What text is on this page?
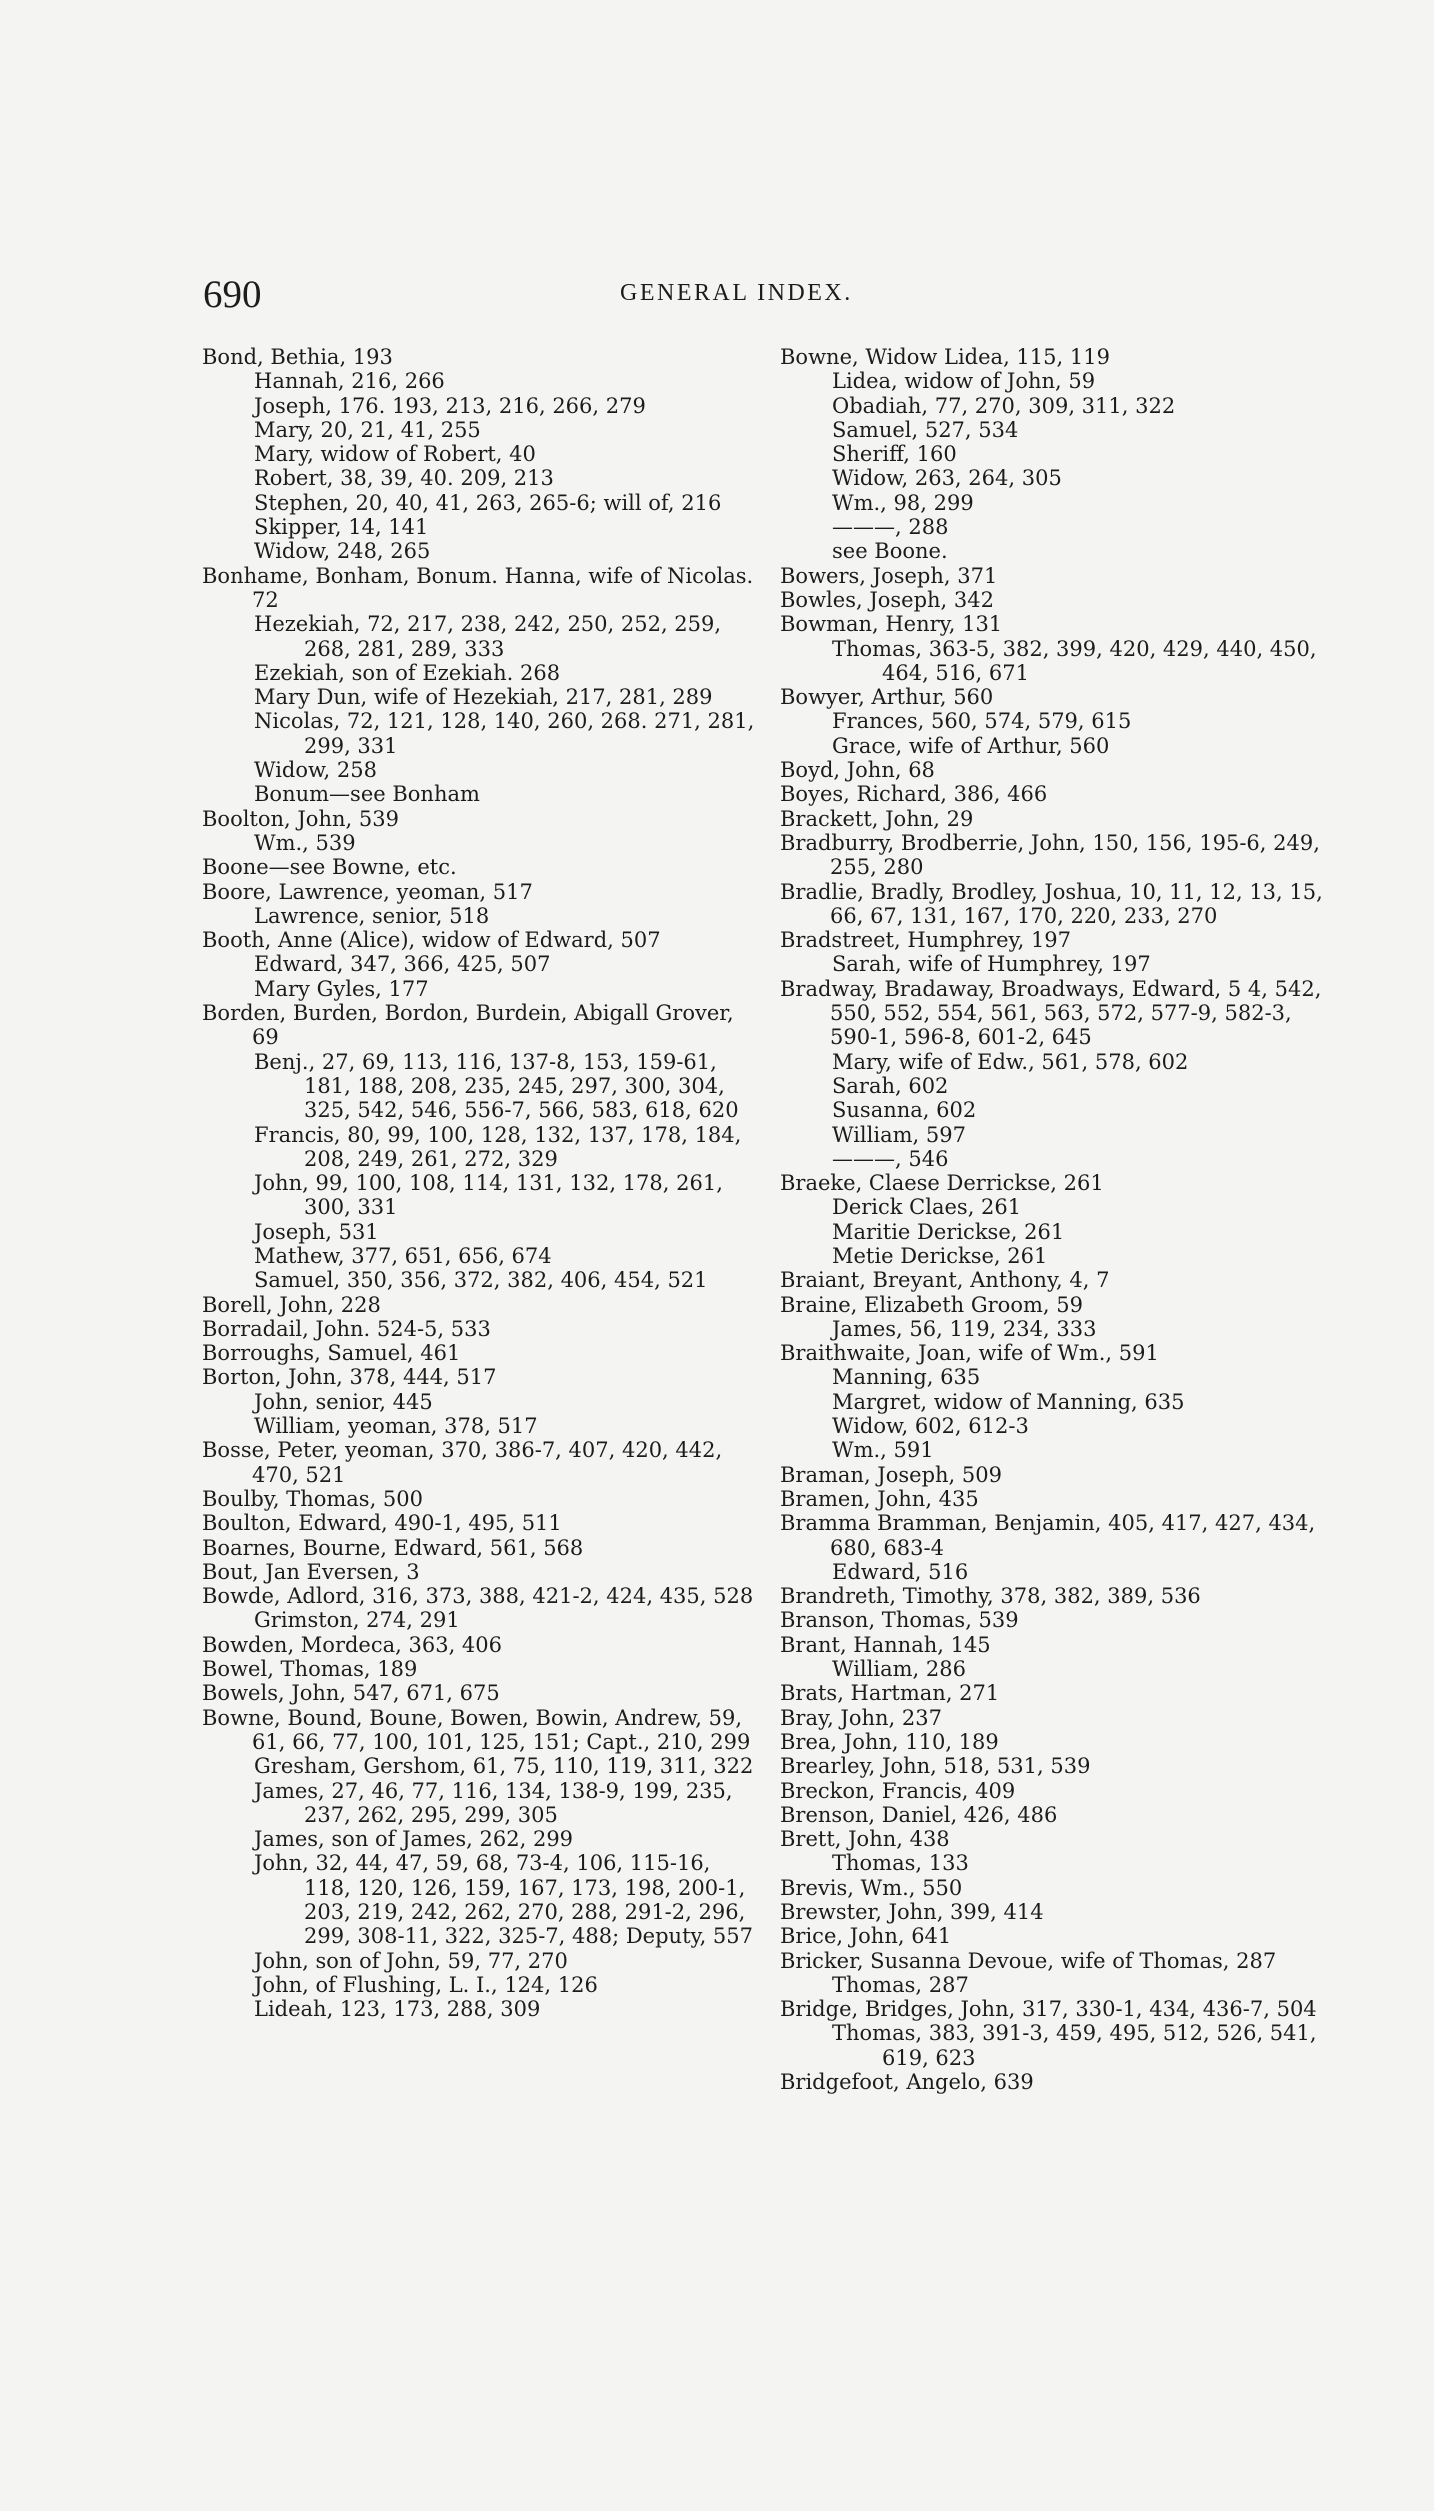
690	GENERAL INDEX.
Bond, Bethia, 193
Hannah, 216, 266
Joseph, 176. 193, 213, 216, 266, 279
Mary, 20, 21, 41, 255
Mary, widow of Robert, 40
Robert, 38, 39, 40. 209, 213
Stephen, 20, 40, 41, 263, 265-6; will of, 216
Skipper, 14, 141
Widow, 248, 265
Bonhame, Bonham, Bonum. Hanna, wife of Nicolas. 72
Hezekiah, 72, 217, 238, 242, 250, 252, 259, 268, 281, 289, 333
Ezekiah, son of Ezekiah. 268
Mary Dun, wife of Hezekiah, 217, 281, 289
Nicolas, 72, 121, 128, 140, 260, 268. 271, 281, 299, 331
Widow, 258
Bonum—see Bonham
Boolton, John, 539
Wm., 539
Boone—see Bowne, etc.
Boore, Lawrence, yeoman, 517
Lawrence, senior, 518
Booth, Anne (Alice), widow of Edward, 507
Edward, 347, 366, 425, 507
Mary Gyles, 177
Borden, Burden, Bordon, Burdein, Abigall Grover, 69
Benj., 27, 69, 113, 116, 137-8, 153, 159-61, 181, 188, 208, 235, 245, 297, 300, 304, 325, 542, 546, 556-7, 566, 583, 618, 620
Francis, 80, 99, 100, 128, 132, 137, 178, 184, 208, 249, 261, 272, 329
John, 99, 100, 108, 114, 131, 132, 178, 261, 300, 331
Joseph, 531
Mathew, 377, 651, 656, 674
Samuel, 350, 356, 372, 382, 406, 454, 521
Borell, John, 228
Borradail, John. 524-5, 533
Borroughs, Samuel, 461
Borton, John, 378, 444, 517
John, senior, 445
William, yeoman, 378, 517
Bosse, Peter, yeoman, 370, 386-7, 407, 420, 442, 470, 521
Boulby, Thomas, 500
Boulton, Edward, 490-1, 495, 511
Boarnes, Bourne, Edward, 561, 568
Bout, Jan Eversen, 3
Bowde, Adlord, 316, 373, 388, 421-2, 424, 435, 528
Grimston, 274, 291
Bowden, Mordeca, 363, 406
Bowel, Thomas, 189
Bowels, John, 547, 671, 675
Bowne, Bound, Boune, Bowen, Bowin, Andrew, 59, 61, 66, 77, 100, 101, 125, 151; Capt., 210, 299
Gresham, Gershom, 61, 75, 110, 119, 311, 322
James, 27, 46, 77, 116, 134, 138-9, 199, 235, 237, 262, 295, 299, 305
James, son of James, 262, 299
John, 32, 44, 47, 59, 68, 73-4, 106, 115-16, 118, 120, 126, 159, 167, 173, 198, 200-1, 203, 219, 242, 262, 270, 288, 291-2, 296, 299, 308-11, 322, 325-7, 488; Deputy, 557
John, son of John, 59, 77, 270
John, of Flushing, L. I., 124, 126
Lideah, 123, 173, 288, 309
Bowne, Widow Lidea, 115, 119
Lidea, widow of John, 59
Obadiah, 77, 270, 309, 311, 322
Samuel, 527, 534
Sheriff, 160
Widow, 263, 264, 305
Wm., 98, 299
———, 288
see Boone.
Bowers, Joseph, 371
Bowles, Joseph, 342
Bowman, Henry, 131
Thomas, 363-5, 382, 399, 420, 429, 440, 450, 464, 516, 671
Bowyer, Arthur, 560
Frances, 560, 574, 579, 615
Grace, wife of Arthur, 560
Boyd, John, 68
Boyes, Richard, 386, 466
Brackett, John, 29
Bradburry, Brodberrie, John, 150, 156, 195-6, 249, 255, 280
Bradlie, Bradly, Brodley, Joshua, 10, 11, 12, 13, 15, 66, 67, 131, 167, 170, 220, 233, 270
Bradstreet, Humphrey, 197
Sarah, wife of Humphrey, 197
Bradway, Bradaway, Broadways, Edward, 5 4, 542, 550, 552, 554, 561, 563, 572, 577-9, 582-3, 590-1, 596-8, 601-2, 645
Mary, wife of Edw., 561, 578, 602
Sarah, 602
Susanna, 602
William, 597
———, 546
Braeke, Claese Derrickse, 261
Derick Claes, 261
Maritie Derickse, 261
Metie Derickse, 261
Braiant, Breyant, Anthony, 4, 7
Braine, Elizabeth Groom, 59
James, 56, 119, 234, 333
Braithwaite, Joan, wife of Wm., 591
Manning, 635
Margret, widow of Manning, 635
Widow, 602, 612-3
Wm., 591
Braman, Joseph, 509
Bramen, John, 435
Bramma Bramman, Benjamin, 405, 417, 427, 434, 680, 683-4
Edward, 516
Brandreth, Timothy, 378, 382, 389, 536
Branson, Thomas, 539
Brant, Hannah, 145
William, 286
Brats, Hartman, 271
Bray, John, 237
Brea, John, 110, 189
Brearley, John, 518, 531, 539
Breckon, Francis, 409
Brenson, Daniel, 426, 486
Brett, John, 438
Thomas, 133
Brevis, Wm., 550
Brewster, John, 399, 414
Brice, John, 641
Bricker, Susanna Devoue, wife of Thomas, 287
Thomas, 287
Bridge, Bridges, John, 317, 330-1, 434, 436-7, 504
Thomas, 383, 391-3, 459, 495, 512, 526, 541, 619, 623
Bridgefoot, Angelo, 639
